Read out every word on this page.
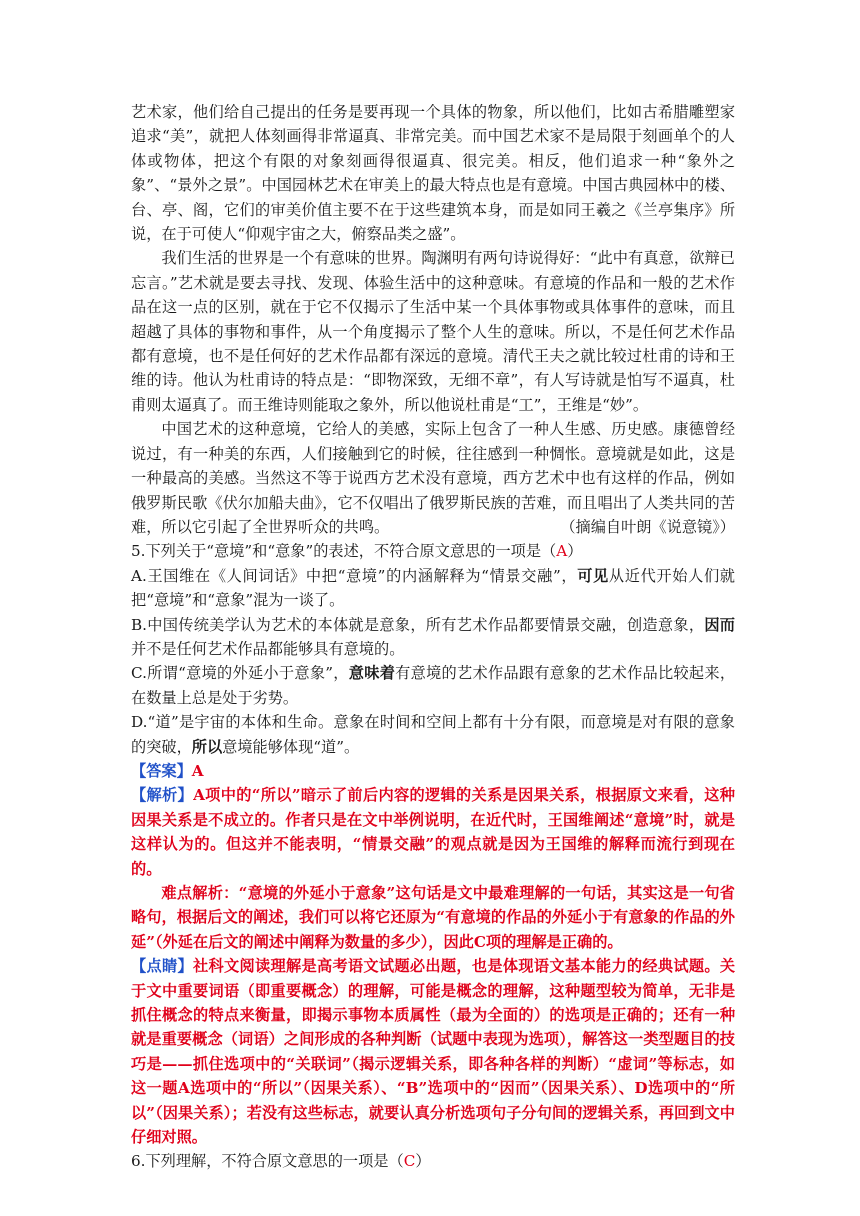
艺术家，他们给自己提出的任务是要再现一个具体的物象，所以他们，比如古希腊雕塑家追求“美”，就把人体刻画得非常逼真、非常完美。而中国艺术家不是局限于刻画单个的人体或物体，把这个有限的对象刻画得很逼真、很完美。相反，他们追求一种“象外之象”、“景外之景”。中国园林艺术在审美上的最大特点也是有意境。中国古典园林中的楼、台、亭、阁，它们的审美价值主要不在于这些建筑本身，而是如同王羲之《兰亭集序》所说，在于可使人“仰观宇宙之大，俯察品类之盛”。

我们生活的世界是一个有意味的世界。陶渊明有两句诗说得好：“此中有真意，欲辩已忘言。”艺术就是要去寻找、发现、体验生活中的这种意味。有意境的作品和一般的艺术作品在这一点的区别，就在于它不仅揭示了生活中某一个具体事物或具体事件的意味，而且超越了具体的事物和事件，从一个角度揭示了整个人生的意味。所以，不是任何艺术作品都有意境，也不是任何好的艺术作品都有深远的意境。清代王夫之就比较过杜甫的诗和王维的诗。他认为杜甫诗的特点是：“即物深致，无细不章”，有人写诗就是怕写不逼真，杜甫则太逼真了。而王维诗则能取之象外，所以他说杜甫是“工”，王维是“妙”。

中国艺术的这种意境，它给人的美感，实际上包含了一种人生感、历史感。康德曾经说过，有一种美的东西，人们接触到它的时候，往往感到一种惆怅。意境就是如此，这是一种最高的美感。当然这不等于说西方艺术没有意境，西方艺术中也有这样的作品，例如俄罗斯民歌《伏尔加船夫曲》，它不仅唱出了俄罗斯民族的苦难，而且唱出了人类共同的苦难，所以它引起了全世界听众的共鸣。	（摘编自叶朗《说意镜》）

5.下列关于“意境”和“意象”的表述，不符合原文意思的一项是（A）

A.王国维在《人间词话》中把“意境”的内涵解释为“情景交融”，可见从近代开始人们就把“意境”和“意象”混为一谈了。

B.中国传统美学认为艺术的本体就是意象，所有艺术作品都要情景交融，创造意象，因而并不是任何艺术作品都能够具有意境的。

C.所谓“意境的外延小于意象”，意味着有意境的艺术作品跟有意象的艺术作品比较起来，在数量上总是处于劣势。

D.“道”是宇宙的本体和生命。意象在时间和空间上都有十分有限，而意境是对有限的意象的突破，所以意境能够体现“道”。

【答案】A

【解析】A项中的“所以”暗示了前后内容的逻辑的关系是因果关系，根据原文来看，这种因果关系是不成立的。作者只是在文中举例说明，在近代时，王国维阐述“意境”时，就是这样认为的。但这并不能表明，“情景交融”的观点就是因为王国维的解释而流行到现在的。

难点解析：“意境的外延小于意象”这句话是文中最难理解的一句话，其实这是一句省略句，根据后文的阐述，我们可以将它还原为“有意境的作品的外延小于有意象的作品的外延”（外延在后文的阐述中阐释为数量的多少），因此C项的理解是正确的。

【点睛】社科文阅读理解是高考语文试题必出题，也是体现语文基本能力的经典试题。关于文中重要词语（即重要概念）的理解，可能是概念的理解，这种题型较为简单，无非是抓住概念的特点来衡量，即揭示事物本质属性（最为全面的）的选项是正确的；还有一种就是重要概念（词语）之间形成的各种判断（试题中表现为选项），解答这一类型题目的技巧是——抓住选项中的“关联词”（揭示逻辑关系，即各种各样的判断）“虚词”等标志，如这一题A选项中的“所以”（因果关系）、“B”选项中的“因而”（因果关系）、D选项中的“所以”（因果关系）；若没有这些标志，就要认真分析选项句子分句间的逻辑关系，再回到文中仔细对照。

6.下列理解，不符合原文意思的一项是（C）
